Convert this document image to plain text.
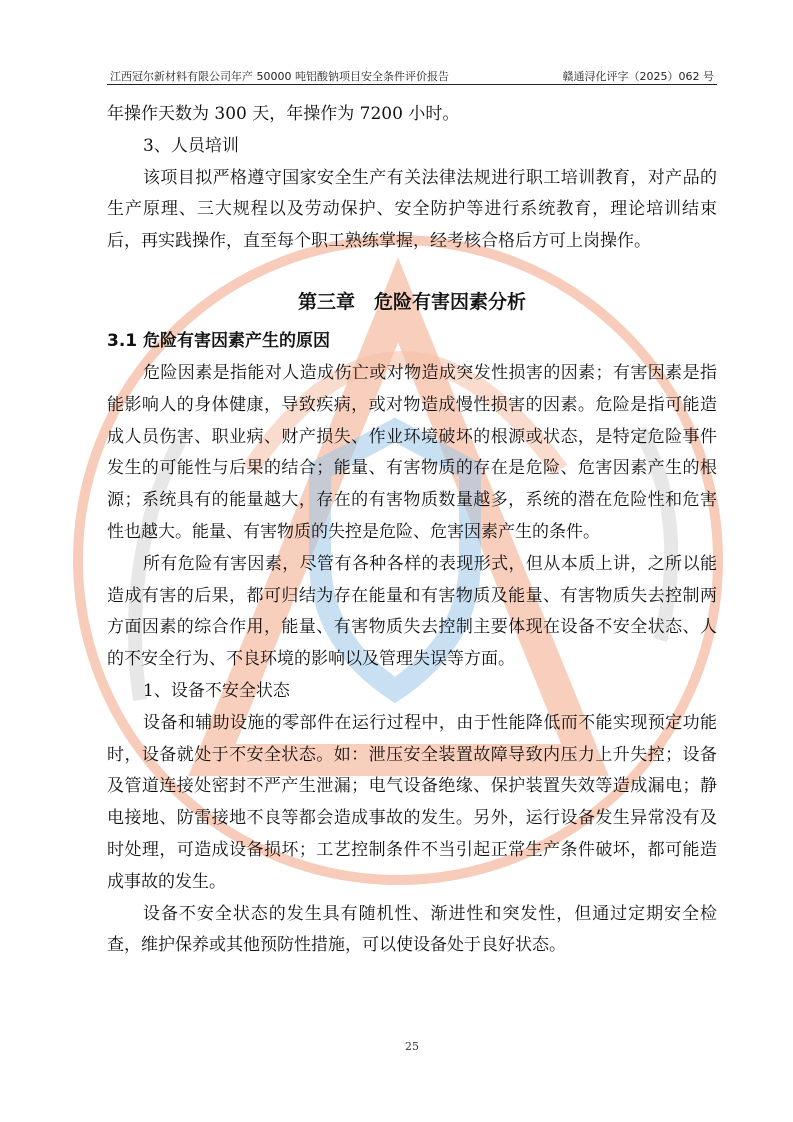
江西冠尔新材料有限公司年产 50000 吨铝酸钠项目安全条件评价报告	赣通浔化评字（2025）062 号

年操作天数为 300 天，年操作为 7200 小时。

3、人员培训

该项目拟严格遵守国家安全生产有关法律法规进行职工培训教育，对产品的生产原理、三大规程以及劳动保护、安全防护等进行系统教育，理论培训结束后，再实践操作，直至每个职工熟练掌握，经考核合格后方可上岗操作。

第三章　危险有害因素分析
3.1 危险有害因素产生的原因

危险因素是指能对人造成伤亡或对物造成突发性损害的因素；有害因素是指能影响人的身体健康，导致疾病，或对物造成慢性损害的因素。危险是指可能造成人员伤害、职业病、财产损失、作业环境破坏的根源或状态，是特定危险事件发生的可能性与后果的结合；能量、有害物质的存在是危险、危害因素产生的根源；系统具有的能量越大，存在的有害物质数量越多，系统的潜在危险性和危害性也越大。能量、有害物质的失控是危险、危害因素产生的条件。

所有危险有害因素，尽管有各种各样的表现形式，但从本质上讲，之所以能造成有害的后果，都可归结为存在能量和有害物质及能量、有害物质失去控制两方面因素的综合作用，能量、有害物质失去控制主要体现在设备不安全状态、人的不安全行为、不良环境的影响以及管理失误等方面。

1、设备不安全状态

设备和辅助设施的零部件在运行过程中，由于性能降低而不能实现预定功能时，设备就处于不安全状态。如：泄压安全装置故障导致内压力上升失控；设备及管道连接处密封不严产生泄漏；电气设备绝缘、保护装置失效等造成漏电；静电接地、防雷接地不良等都会造成事故的发生。另外，运行设备发生异常没有及时处理，可造成设备损坏；工艺控制条件不当引起正常生产条件破坏，都可能造成事故的发生。

设备不安全状态的发生具有随机性、渐进性和突发性，但通过定期安全检查，维护保养或其他预防性措施，可以使设备处于良好状态。

25
